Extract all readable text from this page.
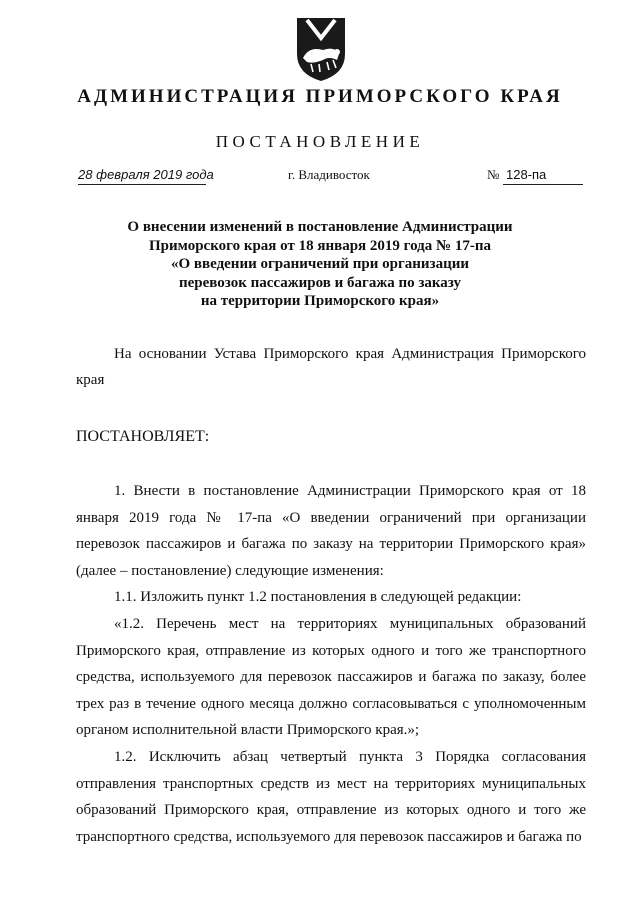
АДМИНИСТРАЦИЯ ПРИМОРСКОГО КРАЯ
ПОСТАНОВЛЕНИЕ
28 февраля 2019 года	г. Владивосток	№ 128-па
О внесении изменений в постановление Администрации
Приморского края от 18 января 2019 года № 17-па
«О введении ограничений при организации
перевозок пассажиров и багажа по заказу
на территории Приморского края»

На основании Устава Приморского края Администрация Приморского края

ПОСТАНОВЛЯЕТ:

1. Внести в постановление Администрации Приморского края от 18 января 2019 года № 17-па «О введении ограничений при организации перевозок пассажиров и багажа по заказу на территории Приморского края» (далее – постановление) следующие изменения:

1.1. Изложить пункт 1.2 постановления в следующей редакции:

«1.2. Перечень мест на территориях муниципальных образований Приморского края, отправление из которых одного и того же транспортного средства, используемого для перевозок пассажиров и багажа по заказу, более трех раз в течение одного месяца должно согласовываться с уполномоченным органом исполнительной власти Приморского края.»;

1.2. Исключить абзац четвертый пункта 3 Порядка согласования отправления транспортных средств из мест на территориях муниципальных образований Приморского края, отправление из которых одного и того же транспортного средства, используемого для перевозок пассажиров и багажа по
